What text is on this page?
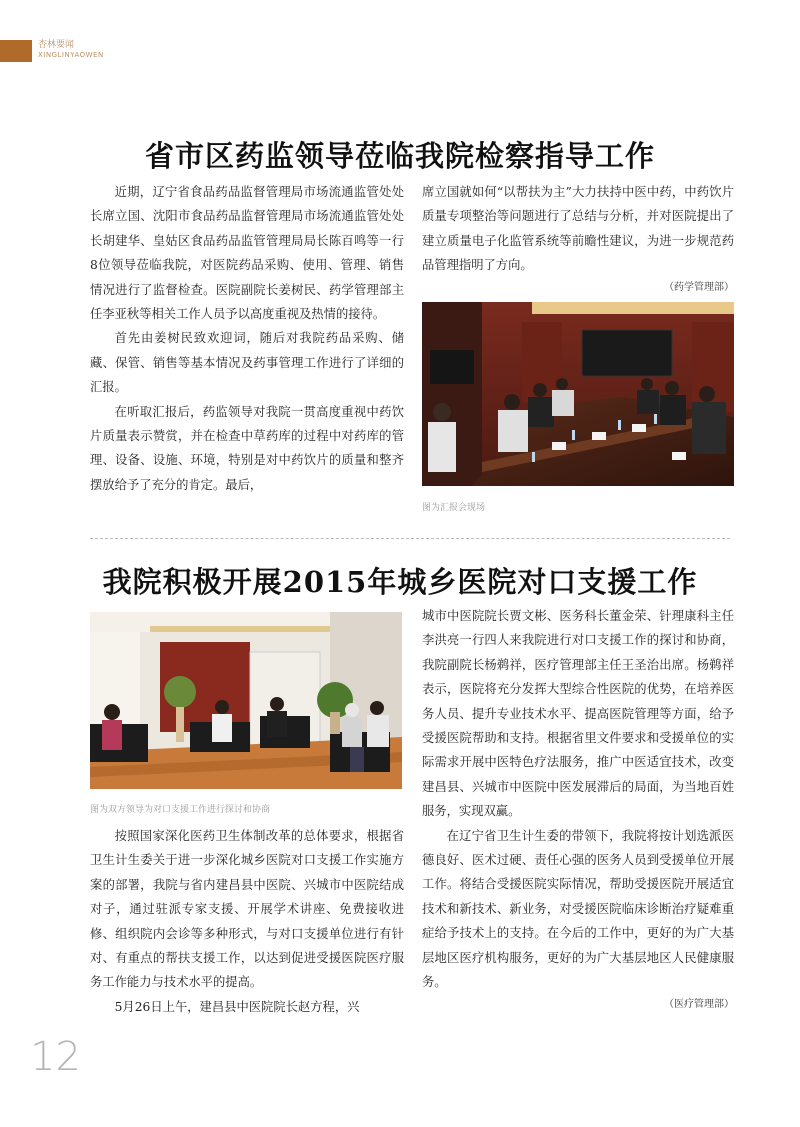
杏林要闻
XINGLINYAOWEN
省市区药监领导莅临我院检察指导工作

近期，辽宁省食品药品监督管理局市场流通监管处处长席立国、沈阳市食品药品监督管理局市场流通监管处处长胡建华、皇姑区食品药品监管管理局局长陈百鸣等一行8位领导莅临我院，对医院药品采购、使用、管理、销售情况进行了监督检查。医院副院长姜树民、药学管理部主任李亚秋等相关工作人员予以高度重视及热情的接待。

首先由姜树民致欢迎词，随后对我院药品采购、储藏、保管、销售等基本情况及药事管理工作进行了详细的汇报。

在听取汇报后，药监领导对我院一贯高度重视中药饮片质量表示赞赏，并在检查中草药库的过程中对药库的管理、设备、设施、环境，特别是对中药饮片的质量和整齐摆放给予了充分的肯定。最后，

席立国就如何“以帮扶为主”大力扶持中医中药，中药饮片质量专项整治等问题进行了总结与分析，并对医院提出了建立质量电子化监管系统等前瞻性建议，为进一步规范药品管理指明了方向。

（药学管理部）
图为汇报会现场
我院积极开展2015年城乡医院对口支援工作
图为双方领导为对口支援工作进行探讨和协商

按照国家深化医药卫生体制改革的总体要求，根据省卫生计生委关于进一步深化城乡医院对口支援工作实施方案的部署，我院与省内建昌县中医院、兴城市中医院结成对子，通过驻派专家支援、开展学术讲座、免费接收进修、组织院内会诊等多种形式，与对口支援单位进行有针对、有重点的帮扶支援工作，以达到促进受援医院医疗服务工作能力与技术水平的提高。

5月26日上午，建昌县中医院院长赵方程，兴

城市中医院院长贾文彬、医务科长董金荣、针理康科主任李洪亮一行四人来我院进行对口支援工作的探讨和协商，我院副院长杨鹈祥，医疗管理部主任王圣治出席。杨鹈祥表示，医院将充分发挥大型综合性医院的优势，在培养医务人员、提升专业技术水平、提高医院管理等方面，给予受援医院帮助和支持。根据省里文件要求和受援单位的实际需求开展中医特色疗法服务，推广中医适宜技术，改变建昌县、兴城市中医院中医发展滞后的局面，为当地百姓服务，实现双赢。

在辽宁省卫生计生委的带领下，我院将按计划选派医德良好、医术过硬、责任心强的医务人员到受援单位开展工作。将结合受援医院实际情况，帮助受援医院开展适宜技术和新技术、新业务，对受援医院临床诊断治疗疑难重症给予技术上的支持。在今后的工作中，更好的为广大基层地区医疗机构服务，更好的为广大基层地区人民健康服务。

（医疗管理部）
12
